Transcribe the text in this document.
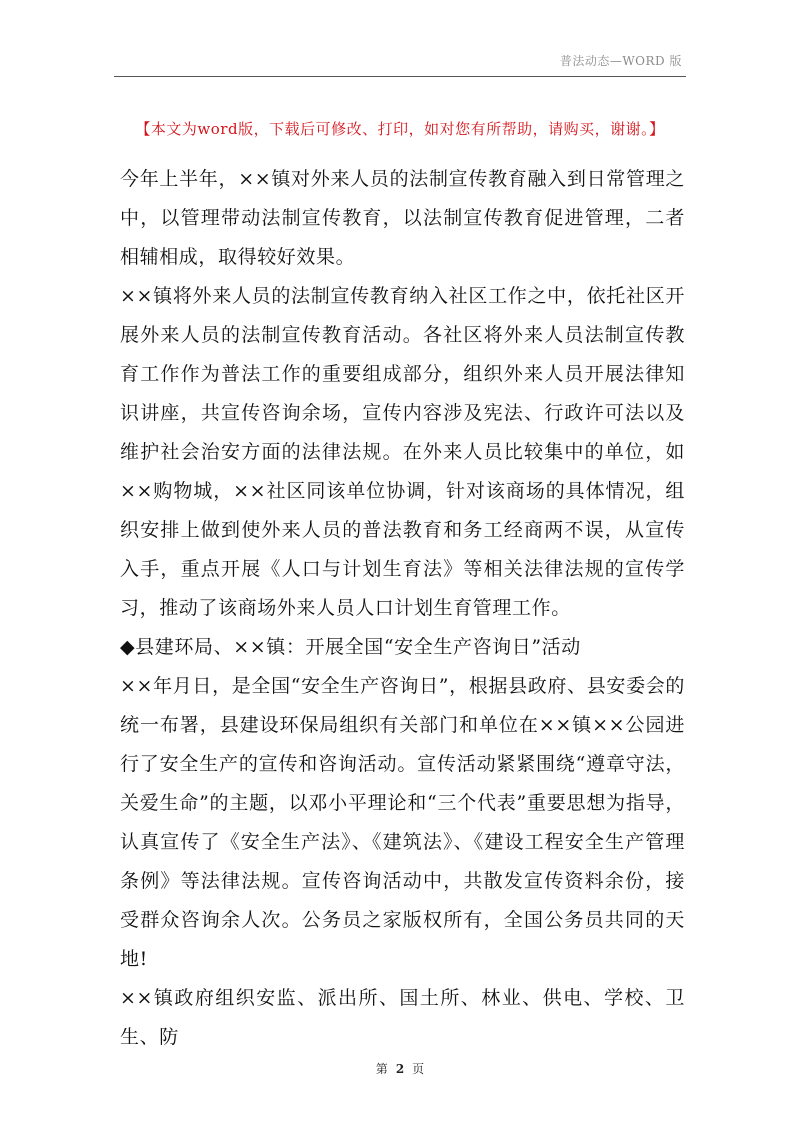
普法动态—WORD 版
【本文为word版，下载后可修改、打印，如对您有所帮助，请购买，谢谢。】

今年上半年，××镇对外来人员的法制宣传教育融入到日常管理之中，以管理带动法制宣传教育，以法制宣传教育促进管理，二者相辅相成，取得较好效果。

××镇将外来人员的法制宣传教育纳入社区工作之中，依托社区开展外来人员的法制宣传教育活动。各社区将外来人员法制宣传教育工作作为普法工作的重要组成部分，组织外来人员开展法律知识讲座，共宣传咨询余场，宣传内容涉及宪法、行政许可法以及维护社会治安方面的法律法规。在外来人员比较集中的单位，如××购物城，××社区同该单位协调，针对该商场的具体情况，组织安排上做到使外来人员的普法教育和务工经商两不误，从宣传入手，重点开展《人口与计划生育法》等相关法律法规的宣传学习，推动了该商场外来人员人口计划生育管理工作。

◆县建环局、××镇：开展全国“安全生产咨询日”活动

××年月日，是全国“安全生产咨询日”，根据县政府、县安委会的统一布署，县建设环保局组织有关部门和单位在××镇××公园进行了安全生产的宣传和咨询活动。宣传活动紧紧围绕“遵章守法，关爱生命”的主题，以邓小平理论和“三个代表”重要思想为指导，认真宣传了《安全生产法》、《建筑法》、《建设工程安全生产管理条例》等法律法规。宣传咨询活动中，共散发宣传资料余份，接受群众咨询余人次。公务员之家版权所有，全国公务员共同的天地!

××镇政府组织安监、派出所、国土所、林业、供电、学校、卫生、防

第 2 页
